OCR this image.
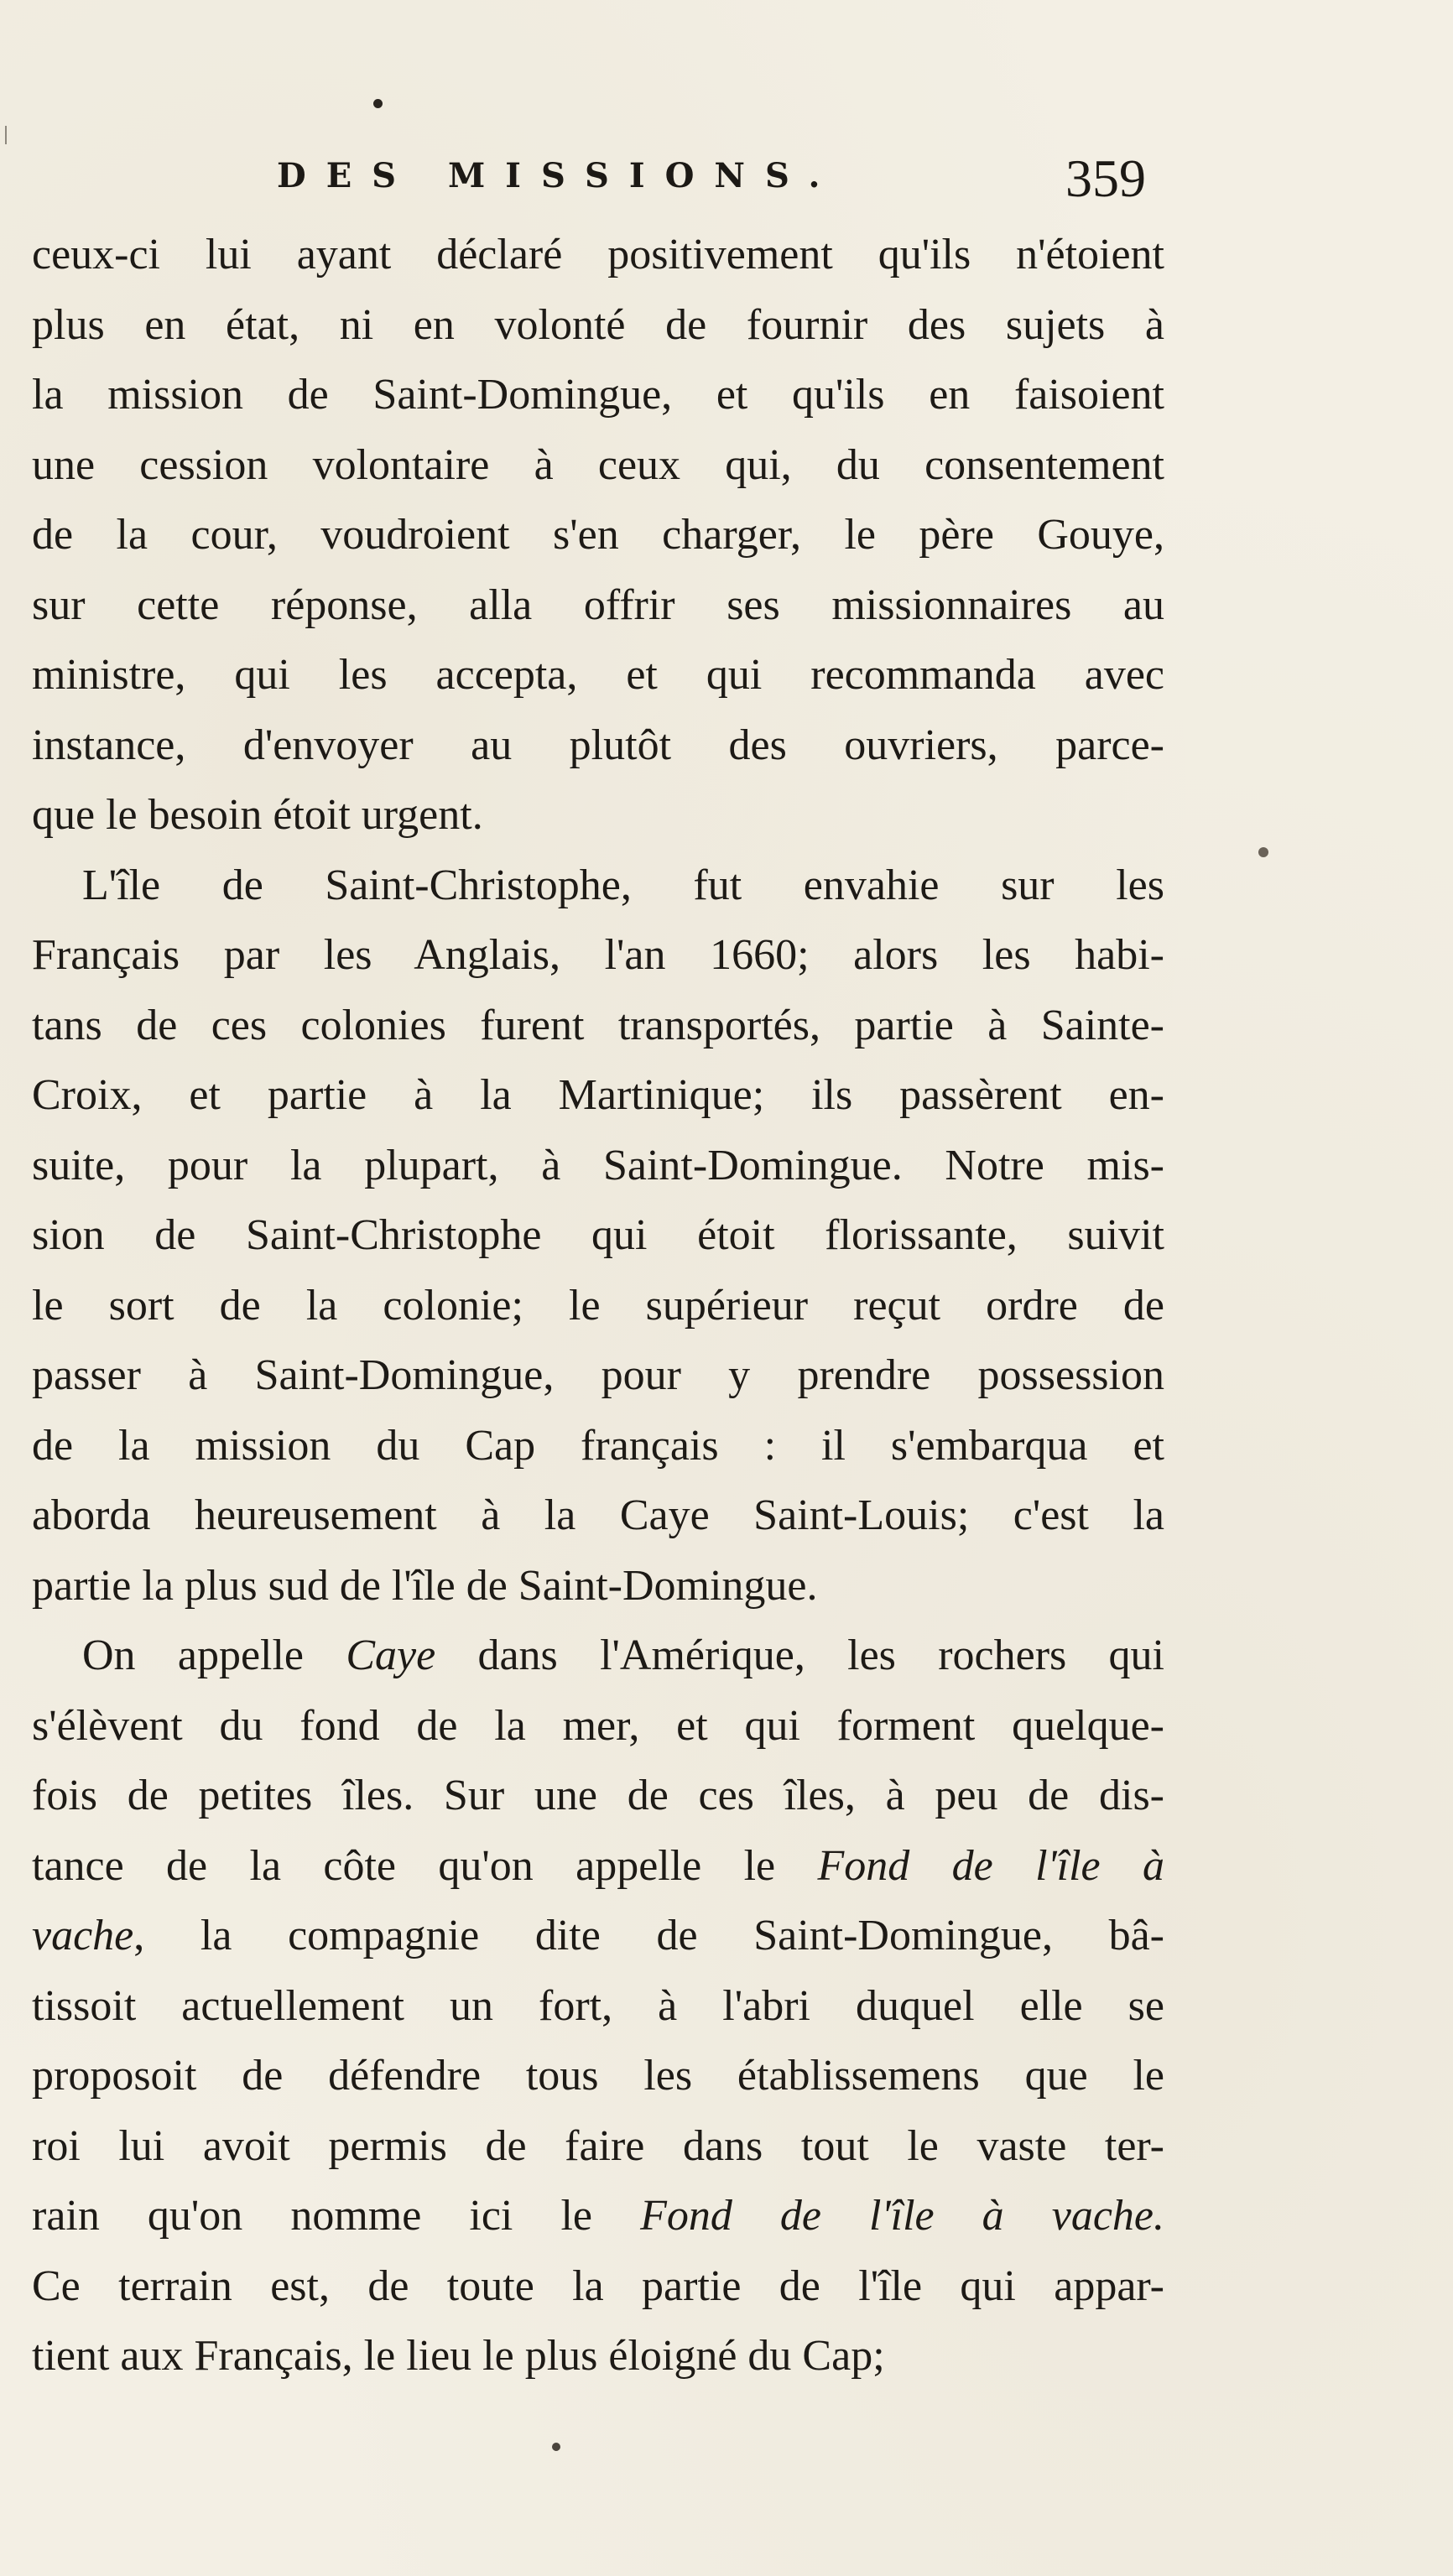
DES MISSIONS.	359
ceux-ci lui ayant déclaré positivement qu'ils n'étoient
plus en état, ni en volonté de fournir des sujets à
la mission de Saint-Domingue, et qu'ils en faisoient
une cession volontaire à ceux qui, du consentement
de la cour, voudroient s'en charger, le père Gouye,
sur cette réponse, alla offrir ses missionnaires au
ministre, qui les accepta, et qui recommanda avec
instance, d'envoyer au plutôt des ouvriers, parce-
que le besoin étoit urgent.
L'île de Saint-Christophe, fut envahie sur les
Français par les Anglais, l'an 1660; alors les habi-
tans de ces colonies furent transportés, partie à Sainte-
Croix, et partie à la Martinique; ils passèrent en-
suite, pour la plupart, à Saint-Domingue. Notre mis-
sion de Saint-Christophe qui étoit florissante, suivit
le sort de la colonie; le supérieur reçut ordre de
passer à Saint-Domingue, pour y prendre possession
de la mission du Cap français : il s'embarqua et
aborda heureusement à la Caye Saint-Louis; c'est la
partie la plus sud de l'île de Saint-Domingue.
On appelle Caye dans l'Amérique, les rochers qui
s'élèvent du fond de la mer, et qui forment quelque-
fois de petites îles. Sur une de ces îles, à peu de dis-
tance de la côte qu'on appelle le Fond de l'île à
vache, la compagnie dite de Saint-Domingue, bâ-
tissoit actuellement un fort, à l'abri duquel elle se
proposoit de défendre tous les établissemens que le
roi lui avoit permis de faire dans tout le vaste ter-
rain qu'on nomme ici le Fond de l'île à vache.
Ce terrain est, de toute la partie de l'île qui appar-
tient aux Français, le lieu le plus éloigné du Cap;
